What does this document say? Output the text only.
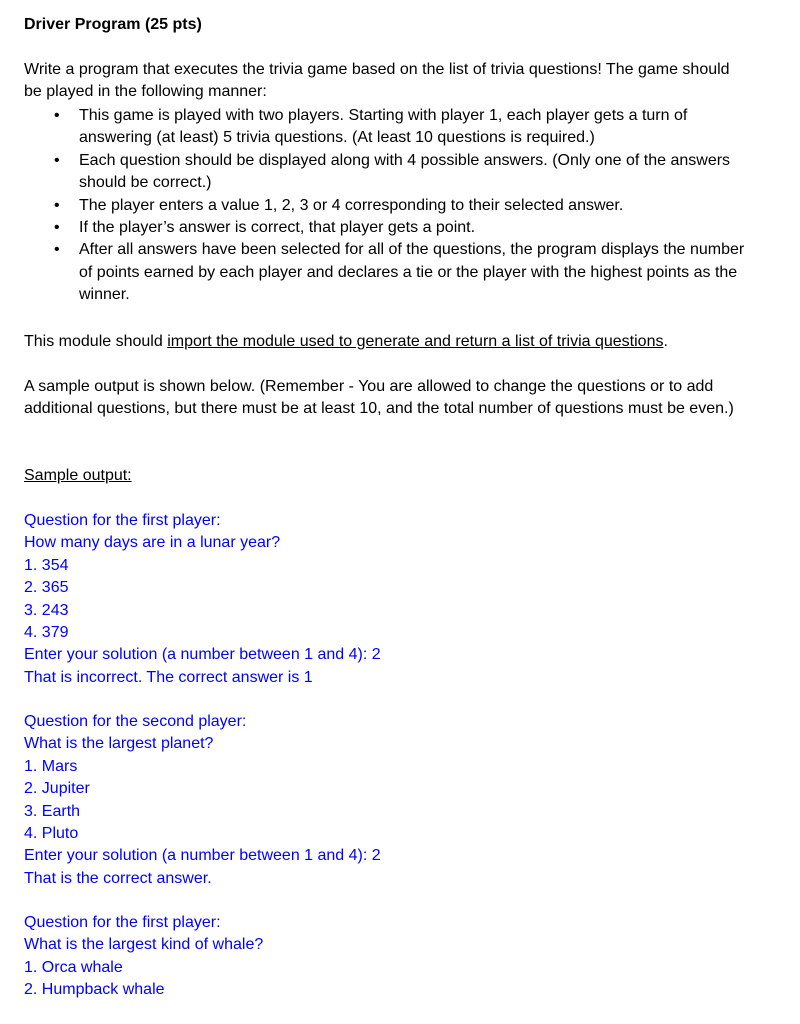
Driver Program (25 pts)

Write a program that executes the trivia game based on the list of trivia questions! The game should be played in the following manner:

• This game is played with two players. Starting with player 1, each player gets a turn of answering (at least) 5 trivia questions. (At least 10 questions is required.)
• Each question should be displayed along with 4 possible answers. (Only one of the answers should be correct.)
• The player enters a value 1, 2, 3 or 4 corresponding to their selected answer.
• If the player’s answer is correct, that player gets a point.
• After all answers have been selected for all of the questions, the program displays the number of points earned by each player and declares a tie or the player with the highest points as the winner.

This module should import the module used to generate and return a list of trivia questions.

A sample output is shown below. (Remember - You are allowed to change the questions or to add additional questions, but there must be at least 10, and the total number of questions must be even.)

Sample output:

Question for the first player:
How many days are in a lunar year?
1. 354
2. 365
3. 243
4. 379
Enter your solution (a number between 1 and 4): 2
That is incorrect. The correct answer is 1
Question for the second player:
What is the largest planet?
1. Mars
2. Jupiter
3. Earth
4. Pluto
Enter your solution (a number between 1 and 4): 2
That is the correct answer.
Question for the first player:
What is the largest kind of whale?
1. Orca whale
2. Humpback whale
